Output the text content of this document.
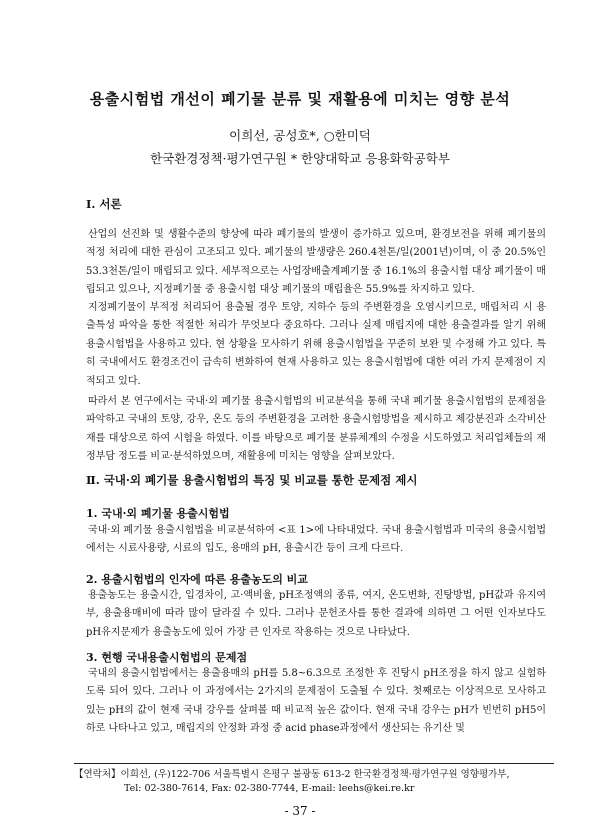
용출시험법 개선이 폐기물 분류 및 재활용에 미치는 영향 분석
이희선, 공성호*, ○한미덕
한국환경정책·평가연구원 * 한양대학교 응용화학공학부
Ⅰ. 서론

산업의 선진화 및 생활수준의 향상에 따라 폐기물의 발생이 증가하고 있으며, 환경보전을 위해 폐기물의 적정 처리에 대한 관심이 고조되고 있다. 폐기물의 발생량은 260.4천톤/일(2001년)이며, 이 중 20.5%인 53.3천톤/일이 매립되고 있다. 세부적으로는 사업장배출계폐기물 중 16.1%의 용출시험 대상 폐기물이 매립되고 있으나, 지정폐기물 중 용출시험 대상 폐기물의 매립율은 55.9%를 차지하고 있다.

지정폐기물이 부적정 처리되어 용출될 경우 토양, 지하수 등의 주변환경을 오염시키므로, 매립처리 시 용출특성 파악을 통한 적절한 처리가 무엇보다 중요하다. 그러나 실제 매립지에 대한 용출결과를 알기 위해 용출시험법을 사용하고 있다. 현 상황을 모사하기 위해 용출시험법을 꾸준히 보완 및 수정해 가고 있다. 특히 국내에서도 환경조건이 급속히 변화하여 현재 사용하고 있는 용출시험법에 대한 여러 가지 문제점이 지적되고 있다.

따라서 본 연구에서는 국내·외 폐기물 용출시험법의 비교분석을 통해 국내 폐기물 용출시험법의 문제점을 파악하고 국내의 토양, 강우, 온도 등의 주변환경을 고려한 용출시험방법을 제시하고 제강분진과 소각비산재를 대상으로 하여 시험을 하였다. 이를 바탕으로 폐기물 분류체계의 수정을 시도하였고 처리업체들의 재정부담 정도를 비교·분석하였으며, 재활용에 미치는 영향을 살펴보았다.

Ⅱ. 국내·외 폐기물 용출시험법의 특징 및 비교를 통한 문제점 제시
1. 국내·외 폐기물 용출시험법

국내·외 폐기물 용출시험법을 비교분석하여 <표 1>에 나타내었다. 국내 용출시험법과 미국의 용출시험법에서는 시료사용량, 시료의 입도, 용매의 pH, 용출시간 등이 크게 다르다.

2. 용출시험법의 인자에 따른 용출농도의 비교

용출농도는 용출시간, 입경차이, 고·액비율, pH조정액의 종류, 여지, 온도변화, 진탕방법, pH값과 유지여부, 용출용매비에 따라 많이 달라질 수 있다. 그러나 문헌조사를 통한 결과에 의하면 그 어떤 인자보다도 pH유지문제가 용출농도에 있어 가장 큰 인자로 작용하는 것으로 나타났다.

3. 현행 국내용출시험법의 문제점

국내의 용출시험법에서는 용출용매의 pH를 5.8~6.3으로 조정한 후 진탕시 pH조정을 하지 않고 실험하도록 되어 있다. 그러나 이 과정에서는 2가지의 문제점이 도출될 수 있다. 첫째로는 이상적으로 모사하고 있는 pH의 값이 현재 국내 강우를 살펴볼 때 비교적 높은 값이다. 현재 국내 강우는 pH가 빈번히 pH5이하로 나타나고 있고, 매립지의 안정화 과정 중 acid phase과정에서 생산되는 유기산 및

【연락처】이희선, (우)122-706 서울특별시 은평구 불광동 613-2 한국환경정책·평가연구원 영향평가부,
Tel: 02-380-7614, Fax: 02-380-7744, E-mail: leehs@kei.re.kr
- 37 -
